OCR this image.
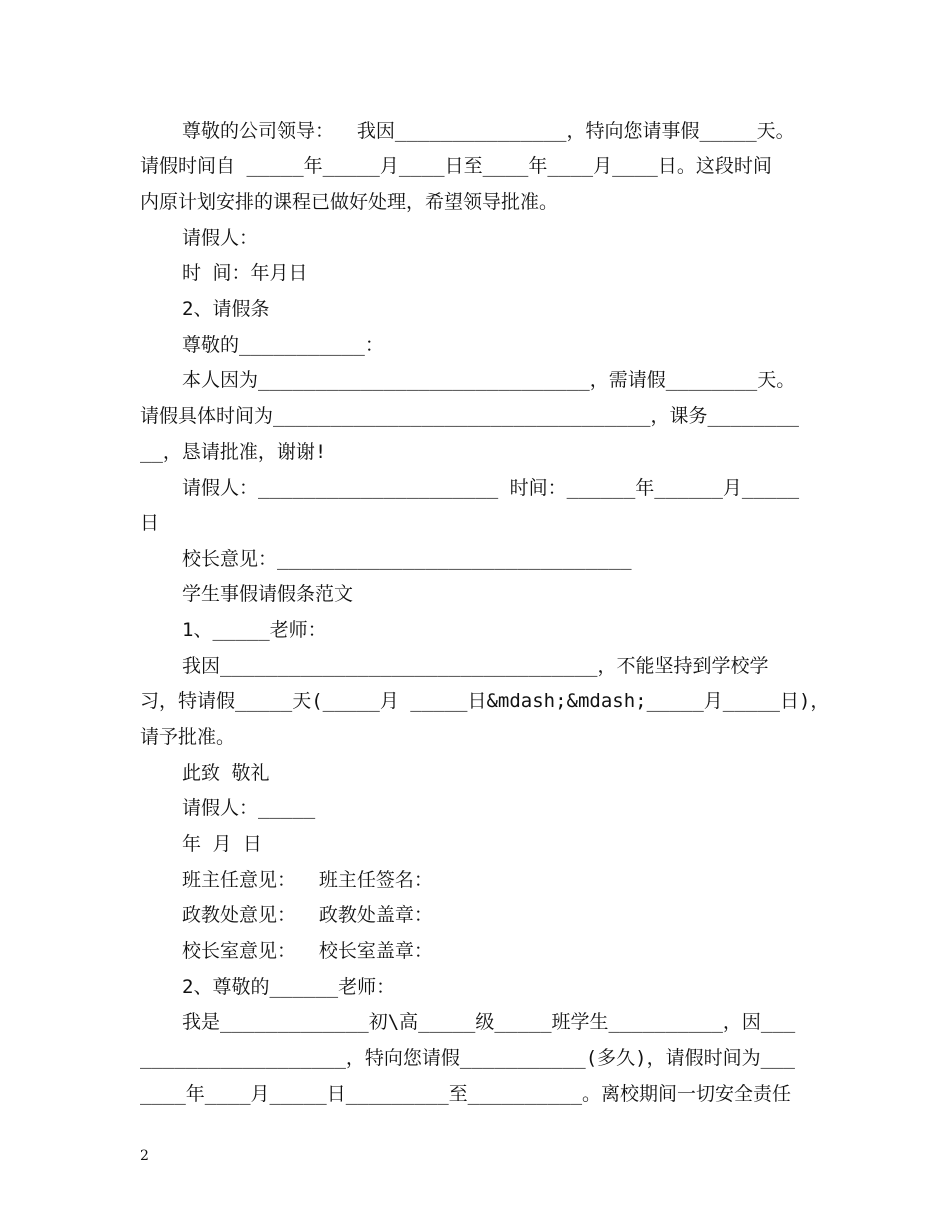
尊敬的公司领导：  我因_______________，特向您请事假_____天。
请假时间自 _____年_____月____日至____年____月____日。这段时间
内原计划安排的课程已做好处理，希望领导批准。
请假人：
时 间：年月日
2、请假条
尊敬的___________：
本人因为_____________________________，需请假________天。
请假具体时间为_________________________________，课务________
__，恳请批准，谢谢!
请假人：_____________________ 时间：______年______月_____
日
校长意见：_______________________________
学生事假请假条范文
1、_____老师：
我因_________________________________，不能坚持到学校学
习，特请假_____天(_____月 _____日&mdash;&mdash;_____月_____日)，
请予批准。
此致 敬礼
请假人：_____
年 月 日
班主任意见：  班主任签名：
政教处意见：  政教处盖章：
校长室意见：  校长室盖章：
2、尊敬的______老师：
我是_____________初\高_____级_____班学生__________，因___
__________________，特向您请假___________(多久)，请假时间为___
____年____月_____日_________至__________。离校期间一切安全责任
2
